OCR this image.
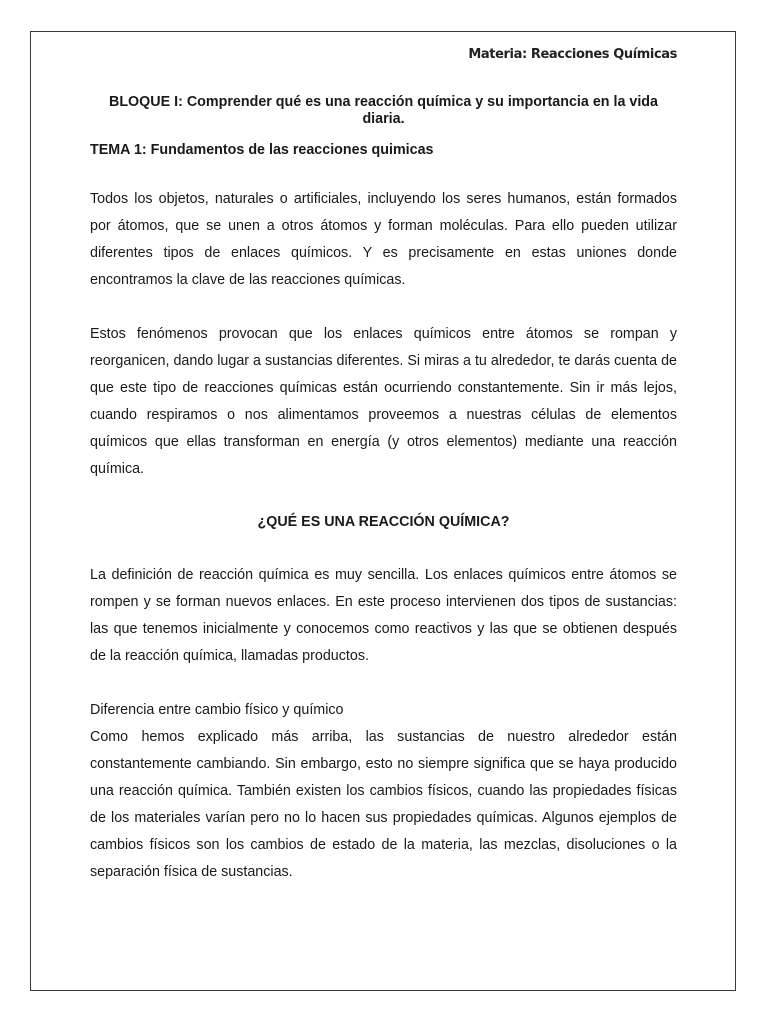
Materia: Reacciones Químicas

BLOQUE I: Comprender qué es una reacción química y su importancia en la vida diaria.

TEMA 1: Fundamentos de las reacciones quimicas

Todos los objetos, naturales o artificiales, incluyendo los seres humanos, están formados por átomos, que se unen a otros átomos y forman moléculas. Para ello pueden utilizar diferentes tipos de enlaces químicos. Y es precisamente en estas uniones donde encontramos la clave de las reacciones químicas.

Estos fenómenos provocan que los enlaces químicos entre átomos se rompan y reorganicen, dando lugar a sustancias diferentes. Si miras a tu alrededor, te darás cuenta de que este tipo de reacciones químicas están ocurriendo constantemente. Sin ir más lejos, cuando respiramos o nos alimentamos proveemos a nuestras células de elementos químicos que ellas transforman en energía (y otros elementos) mediante una reacción química.

¿QUÉ ES UNA REACCIÓN QUÍMICA?

La definición de reacción química es muy sencilla. Los enlaces químicos entre átomos se rompen y se forman nuevos enlaces. En este proceso intervienen dos tipos de sustancias: las que tenemos inicialmente y conocemos como reactivos y las que se obtienen después de la reacción química, llamadas productos.

Diferencia entre cambio físico y químico

Como hemos explicado más arriba, las sustancias de nuestro alrededor están constantemente cambiando. Sin embargo, esto no siempre significa que se haya producido una reacción química. También existen los cambios físicos, cuando las propiedades físicas de los materiales varían pero no lo hacen sus propiedades químicas. Algunos ejemplos de cambios físicos son los cambios de estado de la materia, las mezclas, disoluciones o la separación física de sustancias.
